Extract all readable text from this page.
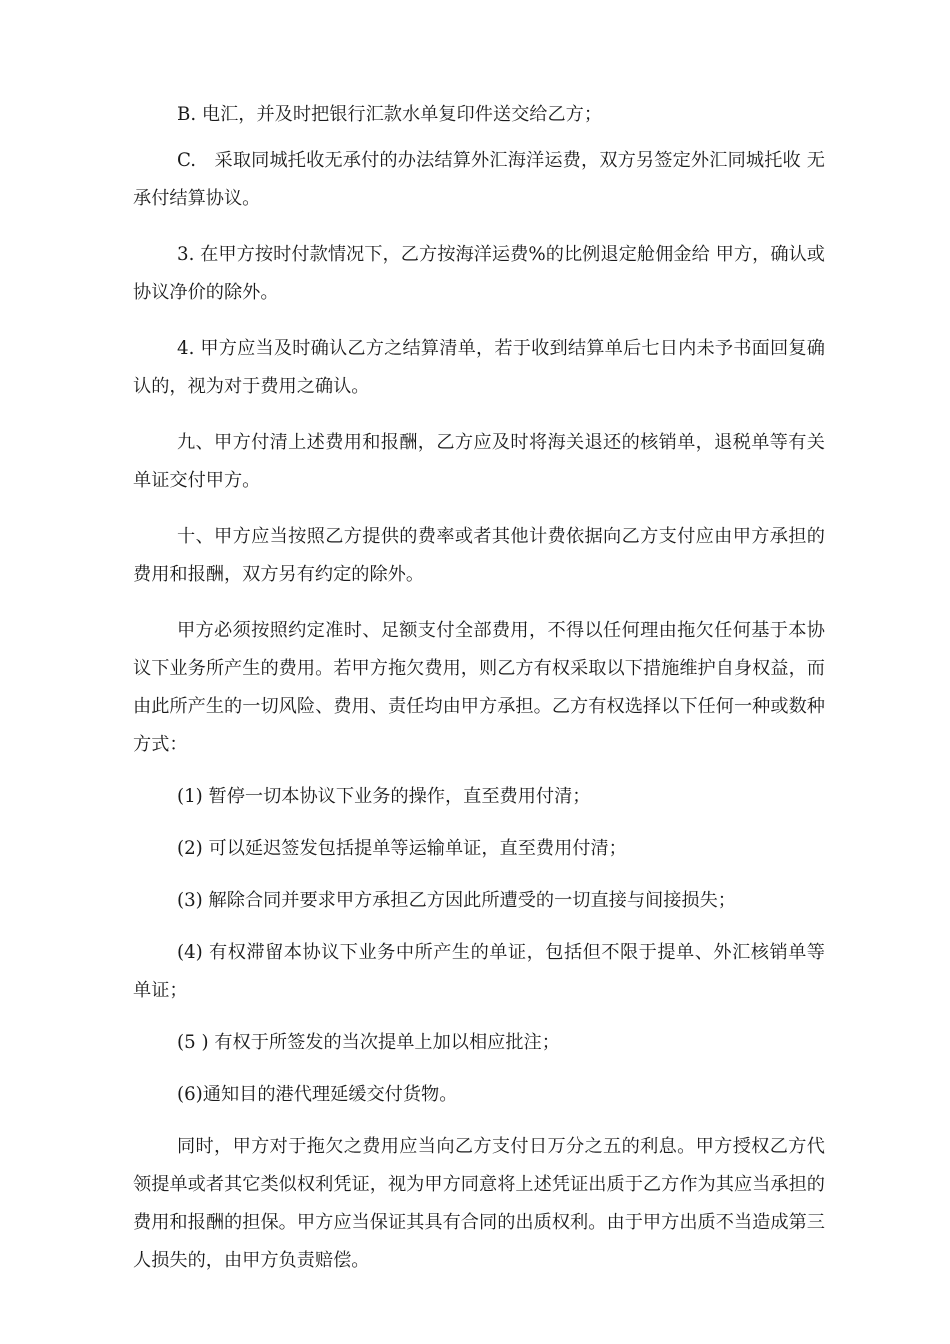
B. 电汇，并及时把银行汇款水单复印件送交给乙方；

C.　采取同城托收无承付的办法结算外汇海洋运费，双方另签定外汇同城托收 无承付结算协议。

3. 在甲方按时付款情况下，乙方按海洋运费%的比例退定舱佣金给 甲方，确认或协议净价的除外。

4. 甲方应当及时确认乙方之结算清单，若于收到结算单后七日内未予书面回复确认的，视为对于费用之确认。

九、甲方付清上述费用和报酬，乙方应及时将海关退还的核销单，退税单等有关单证交付甲方。

十、甲方应当按照乙方提供的费率或者其他计费依据向乙方支付应由甲方承担的费用和报酬，双方另有约定的除外。

甲方必须按照约定准时、足额支付全部费用，不得以任何理由拖欠任何基于本协议下业务所产生的费用。若甲方拖欠费用，则乙方有权采取以下措施维护自身权益，而由此所产生的一切风险、费用、责任均由甲方承担。乙方有权选择以下任何一种或数种方式：

(1) 暂停一切本协议下业务的操作，直至费用付清；

(2) 可以延迟签发包括提单等运输单证，直至费用付清；

(3) 解除合同并要求甲方承担乙方因此所遭受的一切直接与间接损失；

(4) 有权滞留本协议下业务中所产生的单证，包括但不限于提单、外汇核销单等单证；

(5 ) 有权于所签发的当次提单上加以相应批注；

(6)通知目的港代理延缓交付货物。

同时，甲方对于拖欠之费用应当向乙方支付日万分之五的利息。甲方授权乙方代领提单或者其它类似权利凭证，视为甲方同意将上述凭证出质于乙方作为其应当承担的费用和报酬的担保。甲方应当保证其具有合同的出质权利。由于甲方出质不当造成第三人损失的，由甲方负责赔偿。
